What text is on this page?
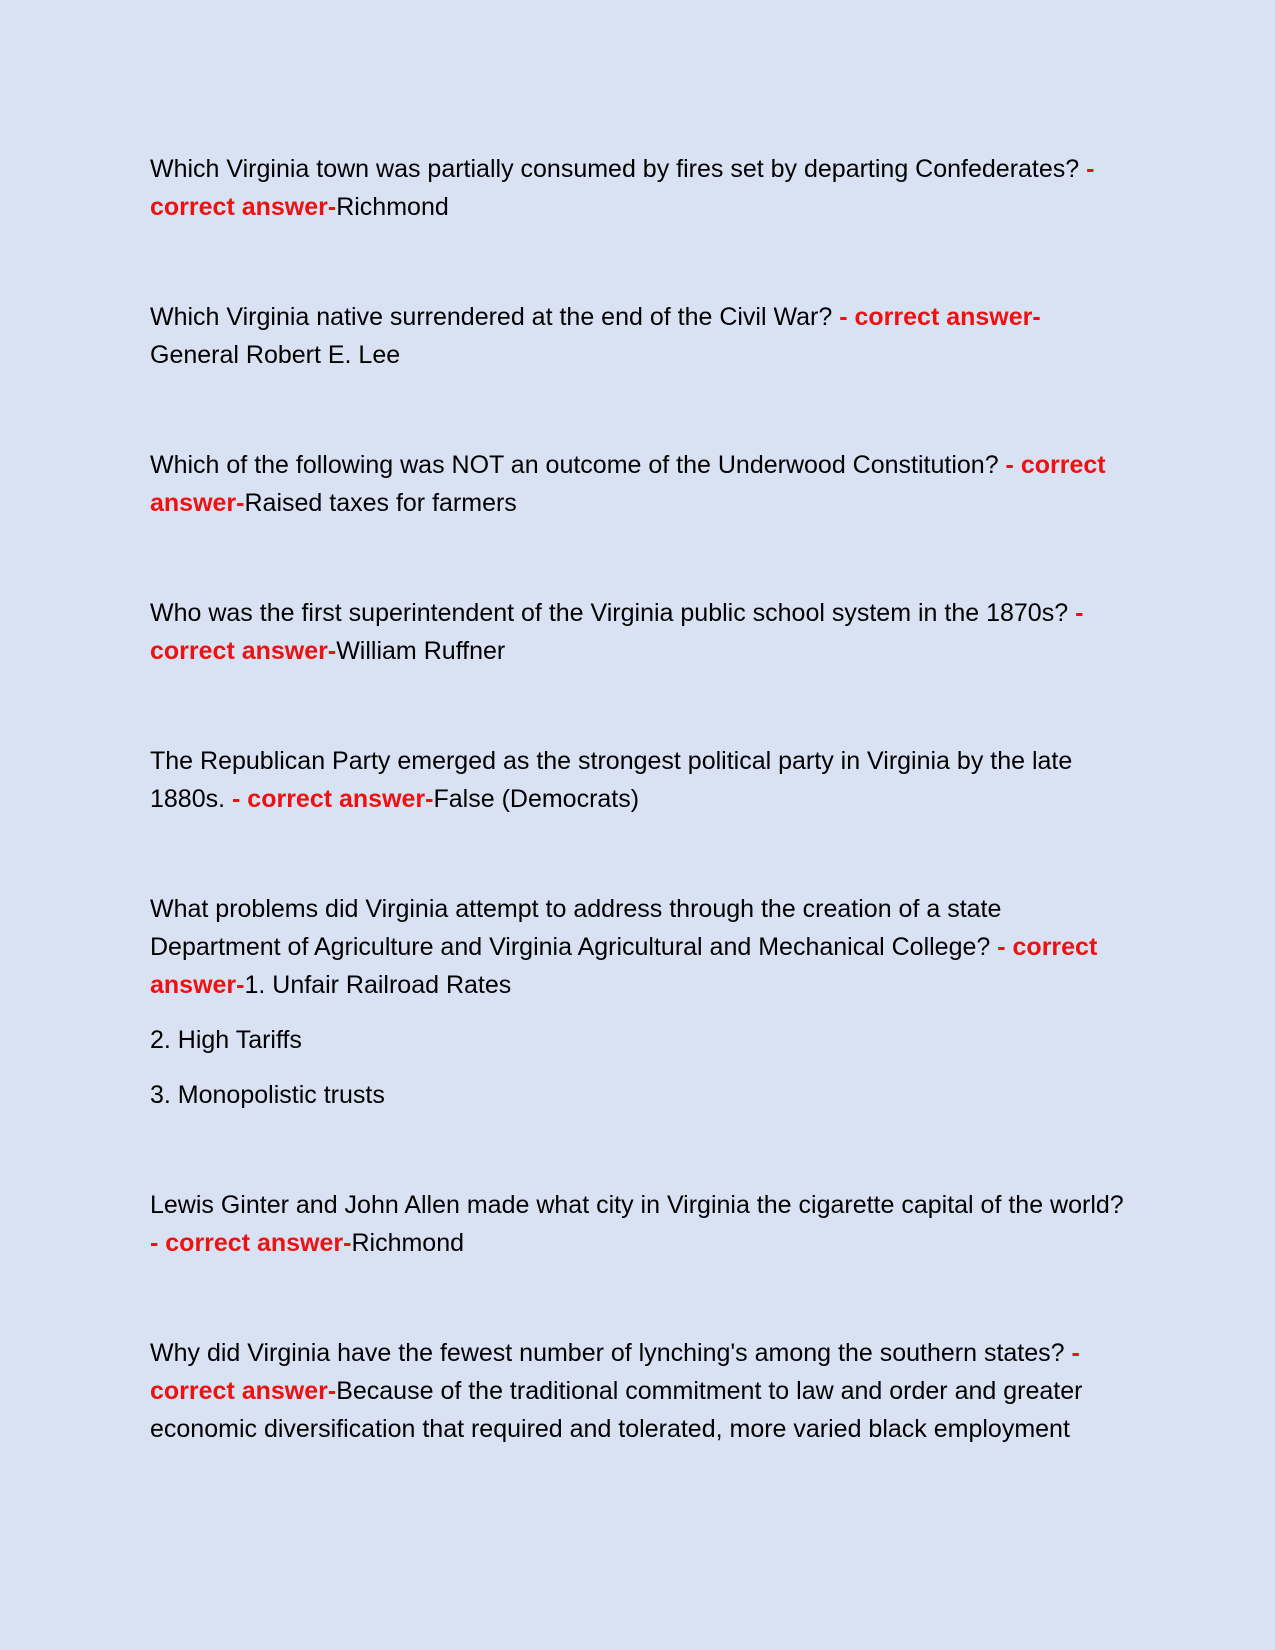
Which Virginia town was partially consumed by fires set by departing Confederates? - correct answer-Richmond
Which Virginia native surrendered at the end of the Civil War? - correct answer-General Robert E. Lee
Which of the following was NOT an outcome of the Underwood Constitution? - correct answer-Raised taxes for farmers
Who was the first superintendent of the Virginia public school system in the 1870s? - correct answer-William Ruffner
The Republican Party emerged as the strongest political party in Virginia by the late 1880s. - correct answer-False (Democrats)
What problems did Virginia attempt to address through the creation of a state Department of Agriculture and Virginia Agricultural and Mechanical College? - correct answer-1. Unfair Railroad Rates
2. High Tariffs
3. Monopolistic trusts
Lewis Ginter and John Allen made what city in Virginia the cigarette capital of the world? - correct answer-Richmond
Why did Virginia have the fewest number of lynching's among the southern states? - correct answer-Because of the traditional commitment to law and order and greater economic diversification that required and tolerated, more varied black employment
